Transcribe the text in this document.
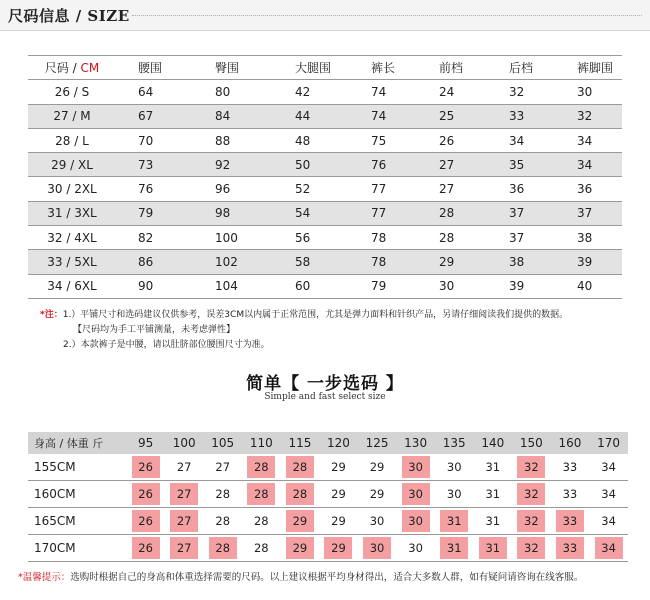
尺码信息 / SIZE
尺码 / CM	腰围	臀围	大腿围	裤长	前档	后档	裤脚围
26 / S	64	80	42	74	24	32	30
27 / M	67	84	44	74	25	33	32
28 / L	70	88	48	75	26	34	34
29 / XL	73	92	50	76	27	35	34
30 / 2XL	76	96	52	77	27	36	36
31 / 3XL	79	98	54	77	28	37	37
32 / 4XL	82	100	56	78	28	37	38
33 / 5XL	86	102	58	78	29	38	39
34 / 6XL	90	104	60	79	30	39	40
*注：1.）平铺尺寸和选码建议仅供参考，误差3CM以内属于正常范围，尤其是弹力面料和针织产品，另请仔细阅读我们提供的数据。
【尺码均为手工平铺测量，未考虑弹性】
2.）本款裤子是中腰，请以肚脐部位腰围尺寸为准。
简单【 一步选码 】
Simple and fast select size
身高 / 体重 斤	95	100	105	110	115	120	125	130	135	140	150	160	170
155CM	26	27	27	28	28	29	29	30	30	31	32	33	34
160CM	26	27	28	28	28	29	29	30	30	31	32	33	34
165CM	26	27	28	28	29	29	30	30	31	31	32	33	34
170CM	26	27	28	28	29	29	30	30	31	31	32	33	34
*温馨提示：选购时根据自己的身高和体重选择需要的尺码。以上建议根据平均身材得出，适合大多数人群，如有疑问请咨询在线客服。
